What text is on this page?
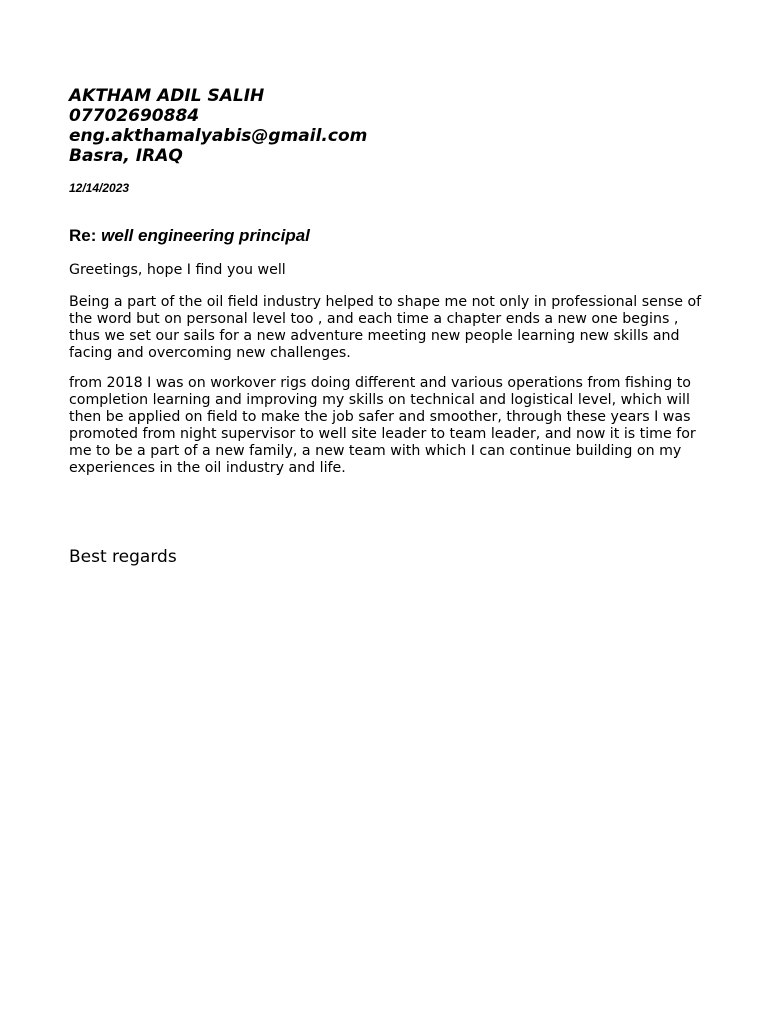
AKTHAM ADIL SALIH
07702690884
eng.akthamalyabis@gmail.com
Basra, IRAQ
12/14/2023
Re: well engineering principal
Greetings, hope I find you well
Being a part of the oil field industry helped to shape me not only in professional sense of the word but on personal level too , and each time a chapter ends a new one begins , thus we set our sails for a new adventure meeting new people learning new skills and facing and overcoming new challenges.
from 2018 I was on workover rigs doing different and various operations from fishing to completion learning and improving my skills on technical and logistical level, which will then be applied on field to make the job safer and smoother, through these years I was promoted from night supervisor to well site leader to team leader, and now it is time for me to be a part of a new family, a new team with which I can continue building on my experiences in the oil industry and life.
Best regards
